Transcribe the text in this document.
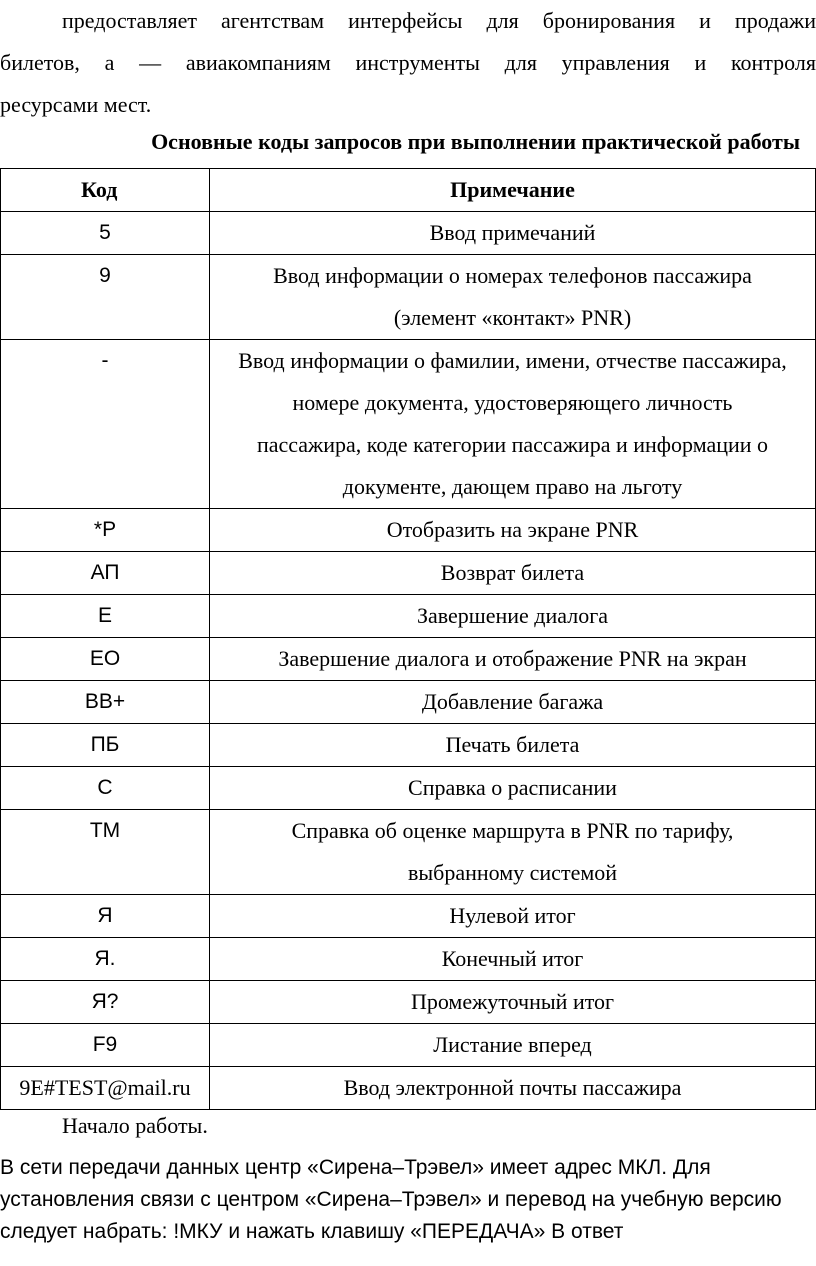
предоставляет агентствам интерфейсы для бронирования и продажи
билетов, а — авиакомпаниям инструменты для управления и контроля
ресурсами мест.

Основные коды запросов при выполнении практической работы
Код	Примечание
5	Ввод примечаний
9	Ввод информации о номерах телефонов пассажира (элемент «контакт» PNR)
-	Ввод информации о фамилии, имени, отчестве пассажира, номере документа, удостоверяющего личность пассажира, коде категории пассажира и информации о документе, дающем право на льготу
*Р	Отобразить на экране PNR
АП	Возврат билета
Е	Завершение диалога
ЕО	Завершение диалога и отображение PNR на экран
ВВ+	Добавление багажа
ПБ	Печать билета
С	Справка о расписании
ТМ	Справка об оценке маршрута в PNR по тарифу, выбранному системой
Я	Нулевой итог
Я.	Конечный итог
Я?	Промежуточный итог
F9	Листание вперед
9E#TEST@mail.ru	Ввод электронной почты пассажира
Начало работы.

В сети передачи данных центр «Сирена–Трэвел» имеет адрес МКЛ. Для установления связи с центром «Сирена–Трэвел» и перевод на учебную версию следует набрать: !МКУ и нажать клавишу «ПЕРЕДАЧА» В ответ
